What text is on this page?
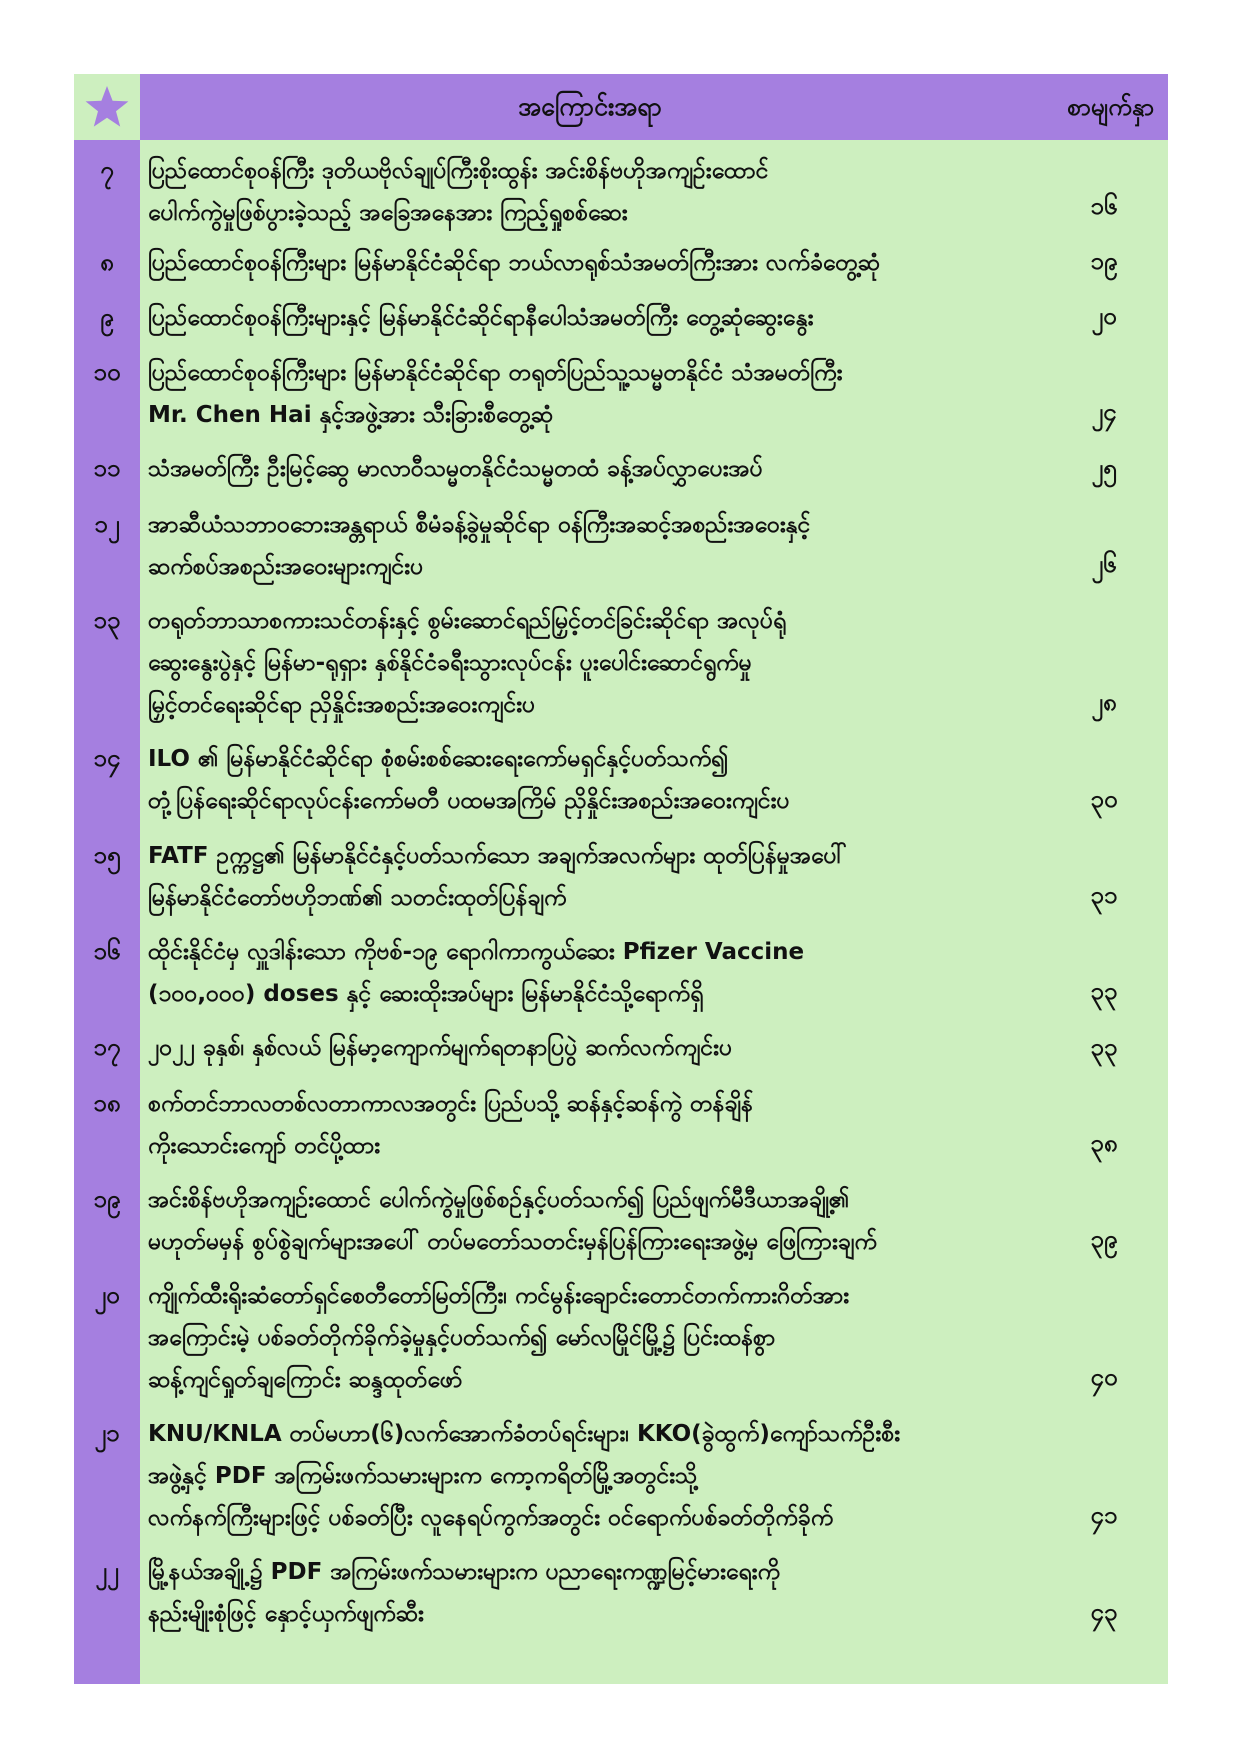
အကြောင်းအရာ	စာမျက်နှာ
၇	ပြည်ထောင်စုဝန်ကြီး ဒုတိယဗိုလ်ချုပ်ကြီးစိုးထွန်း အင်းစိန်ဗဟိုအကျဉ်းထောင်
ပေါက်ကွဲမှုဖြစ်ပွားခဲ့သည့် အခြေအနေအား ကြည့်ရှုစစ်ဆေး	၁၆
၈	ပြည်ထောင်စုဝန်ကြီးများ မြန်မာနိုင်ငံဆိုင်ရာ ဘယ်လာရုစ်သံအမတ်ကြီးအား လက်ခံတွေ့ဆုံ	၁၉
၉	ပြည်ထောင်စုဝန်ကြီးများနှင့် မြန်မာနိုင်ငံဆိုင်ရာနီပေါသံအမတ်ကြီး တွေ့ဆုံဆွေးနွေး	၂၀
၁၀	ပြည်ထောင်စုဝန်ကြီးများ မြန်မာနိုင်ငံဆိုင်ရာ တရုတ်ပြည်သူ့သမ္မတနိုင်ငံ သံအမတ်ကြီး
Mr. Chen Hai နှင့်အဖွဲ့အား သီးခြားစီတွေ့ဆုံ	၂၄
၁၁	သံအမတ်ကြီး ဦးမြင့်ဆွေ မာလာဝီသမ္မတနိုင်ငံသမ္မတထံ ခန့်အပ်လွှာပေးအပ်	၂၅
၁၂	အာဆီယံသဘာဝဘေးအန္တရာယ် စီမံခန့်ခွဲမှုဆိုင်ရာ ဝန်ကြီးအဆင့်အစည်းအဝေးနှင့်
ဆက်စပ်အစည်းအဝေးများကျင်းပ	၂၆
၁၃	တရုတ်ဘာသာစကားသင်တန်းနှင့် စွမ်းဆောင်ရည်မြှင့်တင်ခြင်းဆိုင်ရာ အလုပ်ရုံ
ဆွေးနွေးပွဲနှင့် မြန်မာ-ရုရှား နှစ်နိုင်ငံခရီးသွားလုပ်ငန်း ပူးပေါင်းဆောင်ရွက်မှု
မြှင့်တင်ရေးဆိုင်ရာ ညှိနှိုင်းအစည်းအဝေးကျင်းပ	၂၈
၁၄	ILO ၏ မြန်မာနိုင်ငံဆိုင်ရာ စုံစမ်းစစ်ဆေးရေးကော်မရှင်နှင့်ပတ်သက်၍
တုံ့ပြန်ရေးဆိုင်ရာလုပ်ငန်းကော်မတီ ပထမအကြိမ် ညှိနှိုင်းအစည်းအဝေးကျင်းပ	၃၀
၁၅	FATF ဥက္ကဋ္ဌ၏ မြန်မာနိုင်ငံနှင့်ပတ်သက်သော အချက်အလက်များ ထုတ်ပြန်မှုအပေါ်
မြန်မာနိုင်ငံတော်ဗဟိုဘဏ်၏ သတင်းထုတ်ပြန်ချက်	၃၁
၁၆	ထိုင်းနိုင်ငံမှ လှူဒါန်းသော ကိုဗစ်-၁၉ ရောဂါကာကွယ်ဆေး Pfizer Vaccine
(၁၀၀,၀၀၀) doses နှင့် ဆေးထိုးအပ်များ မြန်မာနိုင်ငံသို့ရောက်ရှိ	၃၃
၁၇	၂၀၂၂ ခုနှစ်၊ နှစ်လယ် မြန်မာ့ကျောက်မျက်ရတနာပြပွဲ ဆက်လက်ကျင်းပ	၃၃
၁၈	စက်တင်ဘာလတစ်လတာကာလအတွင်း ပြည်ပသို့ ဆန်နှင့်ဆန်ကွဲ တန်ချိန်
ကိုးသောင်းကျော် တင်ပို့ထား	၃၈
၁၉	အင်းစိန်ဗဟိုအကျဉ်းထောင် ပေါက်ကွဲမှုဖြစ်စဉ်နှင့်ပတ်သက်၍ ပြည်ဖျက်မီဒီယာအချို့၏
မဟုတ်မမှန် စွပ်စွဲချက်များအပေါ် တပ်မတော်သတင်းမှန်ပြန်ကြားရေးအဖွဲ့မှ ဖြေကြားချက်	၃၉
၂၀	ကျိုက်ထီးရိုးဆံတော်ရှင်စေတီတော်မြတ်ကြီး၊ ကင်မွန်းချောင်းတောင်တက်ကားဂိတ်အား
အကြောင်းမဲ့ ပစ်ခတ်တိုက်ခိုက်ခဲ့မှုနှင့်ပတ်သက်၍ မော်လမြိုင်မြို့၌ ပြင်းထန်စွာ
ဆန့်ကျင်ရှုတ်ချကြောင်း ဆန္ဒထုတ်ဖော်	၄၀
၂၁	KNU/KNLA တပ်မဟာ(၆)လက်အောက်ခံတပ်ရင်းများ၊ KKO(ခွဲထွက်)ကျော်သက်ဦးစီး
အဖွဲ့နှင့် PDF အကြမ်းဖက်သမားများက ကော့ကရိတ်မြို့အတွင်းသို့
လက်နက်ကြီးများဖြင့် ပစ်ခတ်ပြီး လူနေရပ်ကွက်အတွင်း ဝင်ရောက်ပစ်ခတ်တိုက်ခိုက်	၄၁
၂၂	မြို့နယ်အချို့၌ PDF အကြမ်းဖက်သမားများက ပညာရေးကဏ္ဍမြင့်မားရေးကို
နည်းမျိုးစုံဖြင့် နှောင့်ယှက်ဖျက်ဆီး	၄၃
